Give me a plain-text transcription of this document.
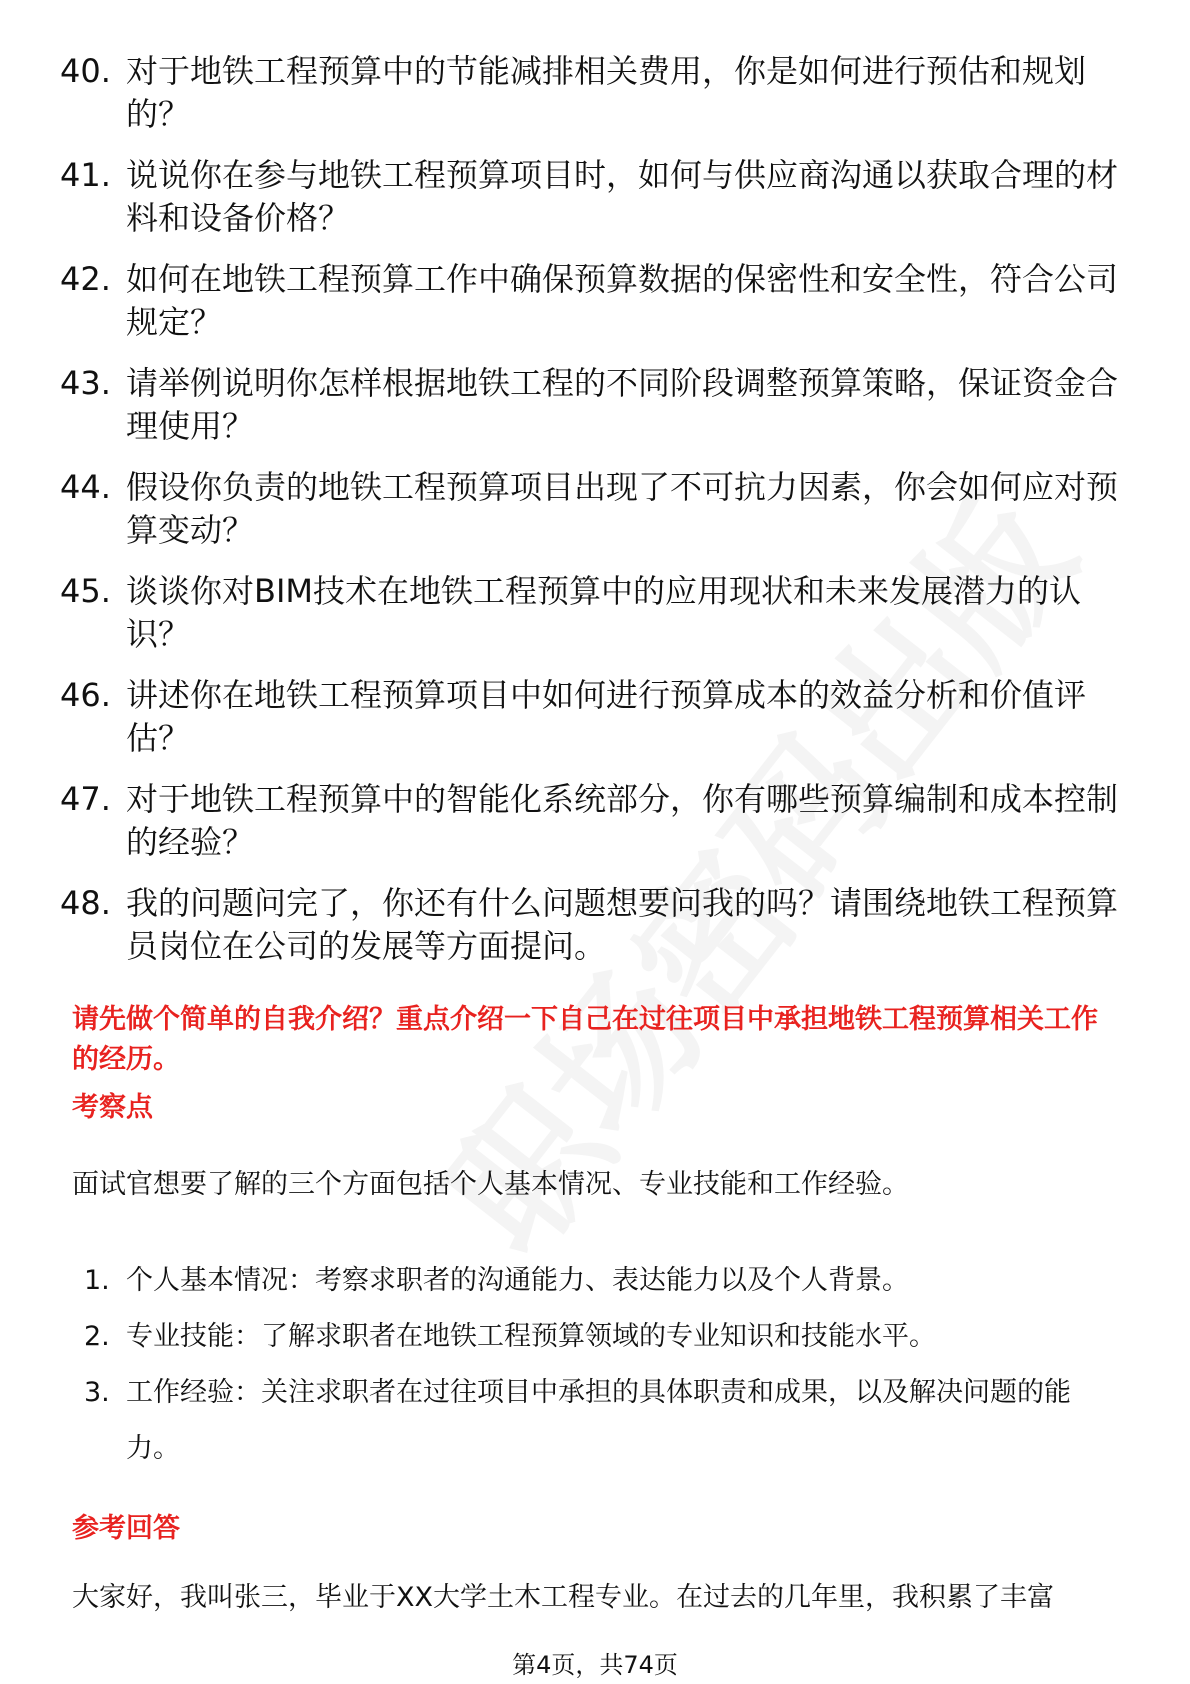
40. 对于地铁工程预算中的节能减排相关费用，你是如何进行预估和规划的？
41. 说说你在参与地铁工程预算项目时，如何与供应商沟通以获取合理的材料和设备价格？
42. 如何在地铁工程预算工作中确保预算数据的保密性和安全性，符合公司规定？
43. 请举例说明你怎样根据地铁工程的不同阶段调整预算策略，保证资金合理使用？
44. 假设你负责的地铁工程预算项目出现了不可抗力因素，你会如何应对预算变动？
45. 谈谈你对BIM技术在地铁工程预算中的应用现状和未来发展潜力的认识？
46. 讲述你在地铁工程预算项目中如何进行预算成本的效益分析和价值评估？
47. 对于地铁工程预算中的智能化系统部分，你有哪些预算编制和成本控制的经验？
48. 我的问题问完了，你还有什么问题想要问我的吗？请围绕地铁工程预算员岗位在公司的发展等方面提问。
请先做个简单的自我介绍？重点介绍一下自己在过往项目中承担地铁工程预算相关工作的经历。
考察点
面试官想要了解的三个方面包括个人基本情况、专业技能和工作经验。
1. 个人基本情况：考察求职者的沟通能力、表达能力以及个人背景。
2. 专业技能：了解求职者在地铁工程预算领域的专业知识和技能水平。
3. 工作经验：关注求职者在过往项目中承担的具体职责和成果，以及解决问题的能力。
参考回答
大家好，我叫张三，毕业于XX大学土木工程专业。在过去的几年里，我积累了丰富
第4页，共74页
